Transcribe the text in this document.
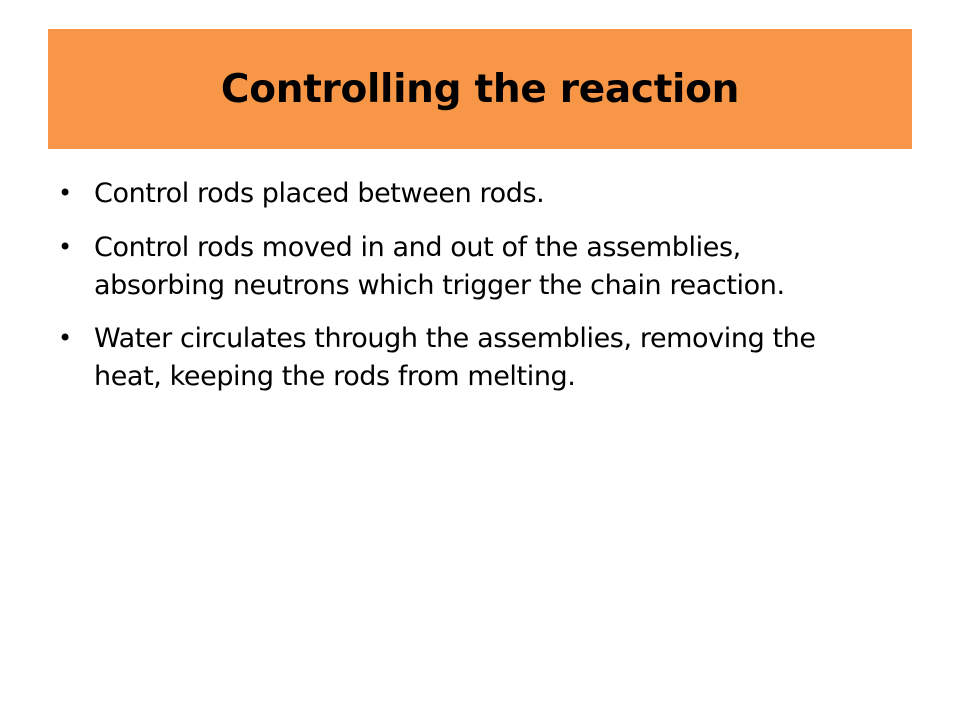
Controlling the reaction
• Control rods placed between rods.
• Control rods moved in and out of the assemblies, absorbing neutrons which trigger the chain reaction.
• Water circulates through the assemblies, removing the heat, keeping the rods from melting.
